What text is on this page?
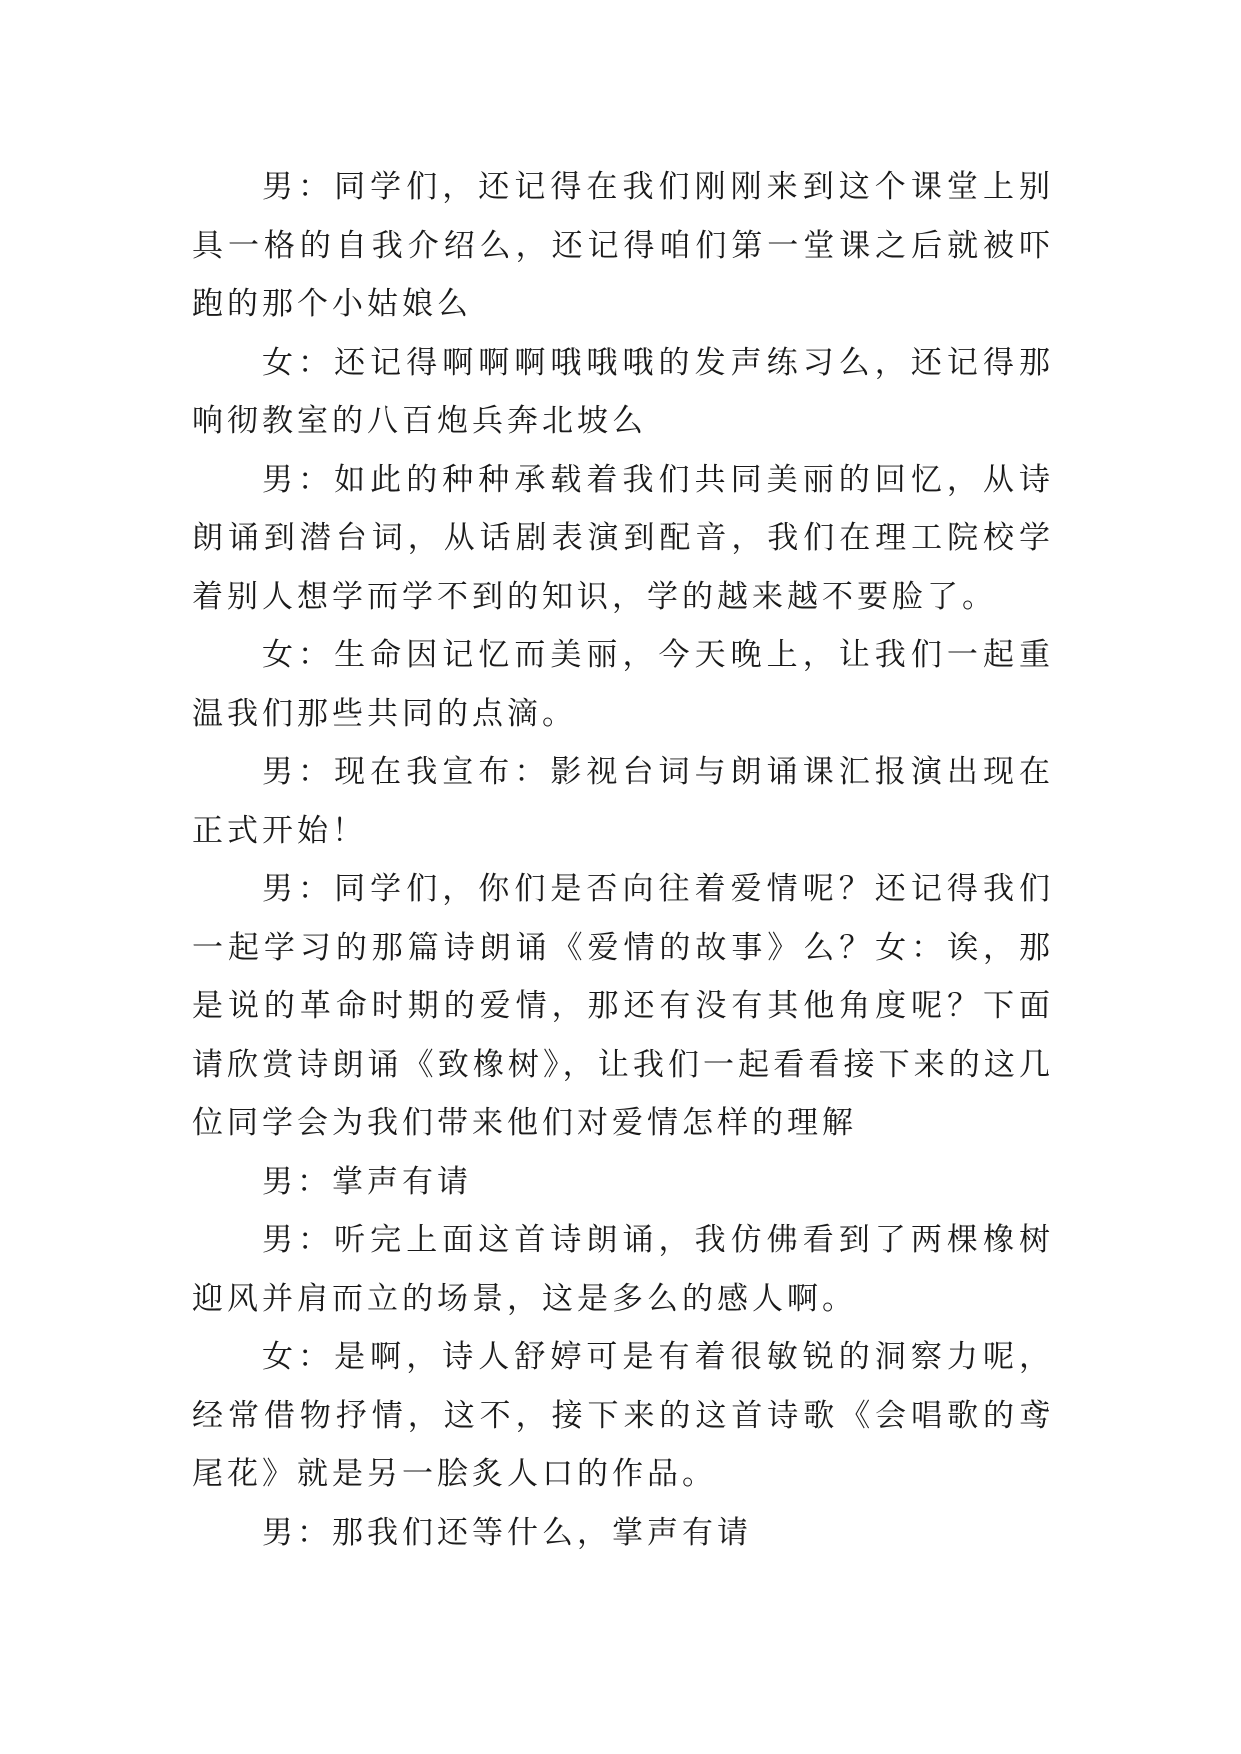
男：同学们，还记得在我们刚刚来到这个课堂上别具一格的自我介绍么，还记得咱们第一堂课之后就被吓跑的那个小姑娘么

女：还记得啊啊啊哦哦哦的发声练习么，还记得那响彻教室的八百炮兵奔北坡么

男：如此的种种承载着我们共同美丽的回忆，从诗朗诵到潜台词，从话剧表演到配音，我们在理工院校学着别人想学而学不到的知识，学的越来越不要脸了。

女：生命因记忆而美丽，今天晚上，让我们一起重温我们那些共同的点滴。

男：现在我宣布：影视台词与朗诵课汇报演出现在正式开始！

男：同学们，你们是否向往着爱情呢？还记得我们一起学习的那篇诗朗诵《爱情的故事》么？女：诶，那是说的革命时期的爱情，那还有没有其他角度呢？下面请欣赏诗朗诵《致橡树》，让我们一起看看接下来的这几位同学会为我们带来他们对爱情怎样的理解

男：掌声有请

男：听完上面这首诗朗诵，我仿佛看到了两棵橡树迎风并肩而立的场景，这是多么的感人啊。

女：是啊，诗人舒婷可是有着很敏锐的洞察力呢，经常借物抒情，这不，接下来的这首诗歌《会唱歌的鸢尾花》就是另一脍炙人口的作品。

男：那我们还等什么，掌声有请
